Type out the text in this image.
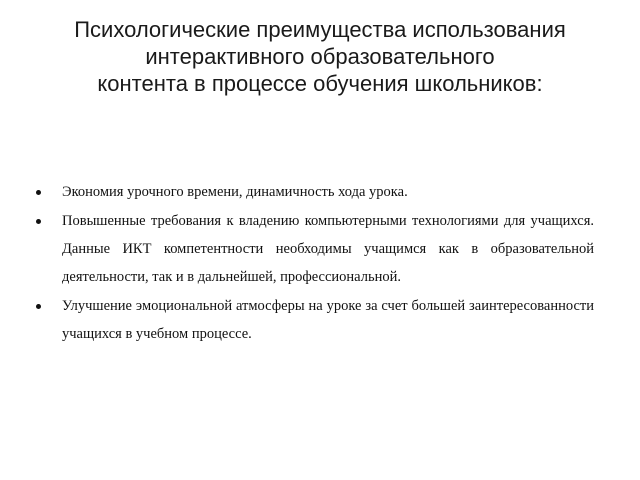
Психологические преимущества использования
интерактивного образовательного
контента в процессе обучения школьников:
Экономия урочного времени, динамичность хода урока.
Повышенные требования к владению компьютерными технологиями для учащихся. Данные ИКТ компетентности необходимы учащимся как в образовательной деятельности, так и в дальнейшей, профессиональной.
Улучшение эмоциональной атмосферы на уроке за счет большей заинтересованности учащихся в учебном процессе.
